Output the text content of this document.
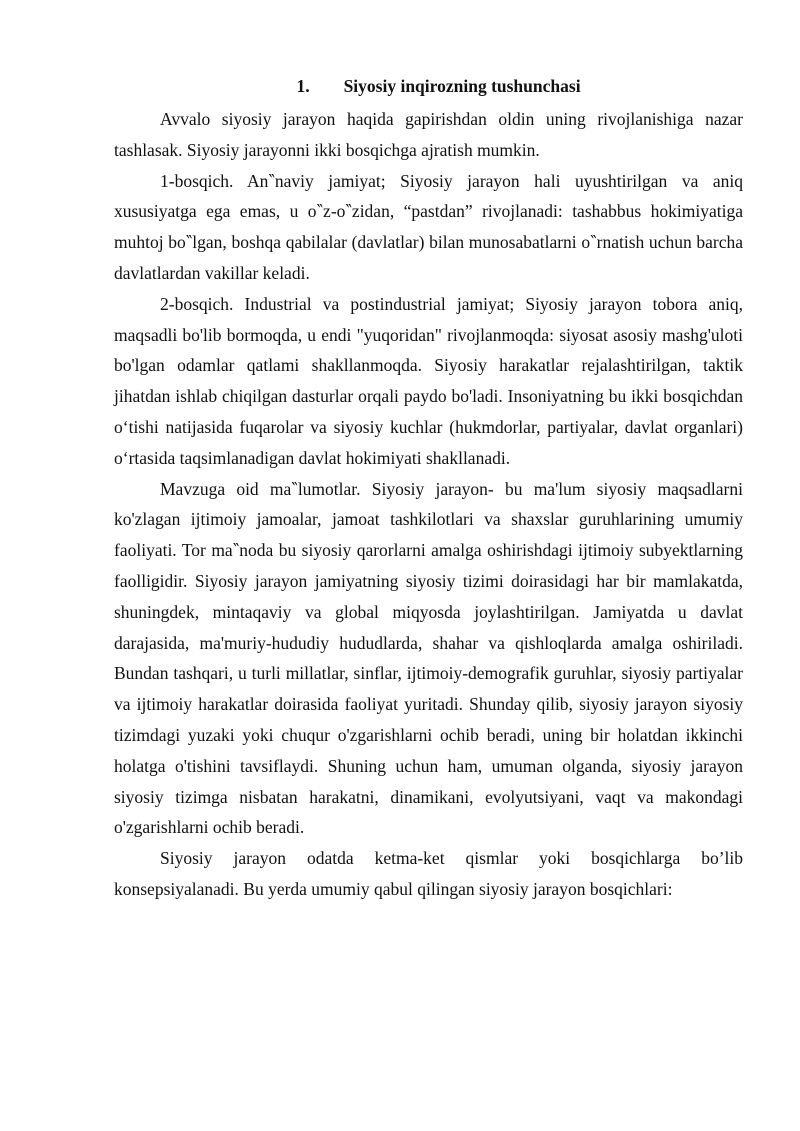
1. Siyosiy inqirozning tushunchasi

Avvalo siyosiy jarayon haqida gapirishdan oldin uning rivojlanishiga nazar tashlasak. Siyosiy jarayonni ikki bosqichga ajratish mumkin.

1-bosqich. An‶naviy jamiyat; Siyosiy jarayon hali uyushtirilgan va aniq xususiyatga ega emas, u o‶z-o‶zidan, “pastdan” rivojlanadi: tashabbus hokimiyatiga muhtoj bo‶lgan, boshqa qabilalar (davlatlar) bilan munosabatlarni o‶rnatish uchun barcha davlatlardan vakillar keladi.

2-bosqich. Industrial va postindustrial jamiyat; Siyosiy jarayon tobora aniq, maqsadli bo'lib bormoqda, u endi "yuqoridan" rivojlanmoqda: siyosat asosiy mashg'uloti bo'lgan odamlar qatlami shakllanmoqda. Siyosiy harakatlar rejalashtirilgan, taktik jihatdan ishlab chiqilgan dasturlar orqali paydo bo'ladi. Insoniyatning bu ikki bosqichdan o‘tishi natijasida fuqarolar va siyosiy kuchlar (hukmdorlar, partiyalar, davlat organlari) o‘rtasida taqsimlanadigan davlat hokimiyati shakllanadi.

Mavzuga oid ma‶lumotlar. Siyosiy jarayon- bu ma'lum siyosiy maqsadlarni ko'zlagan ijtimoiy jamoalar, jamoat tashkilotlari va shaxslar guruhlarining umumiy faoliyati. Tor ma‶noda bu siyosiy qarorlarni amalga oshirishdagi ijtimoiy subyektlarning faolligidir. Siyosiy jarayon jamiyatning siyosiy tizimi doirasidagi har bir mamlakatda, shuningdek, mintaqaviy va global miqyosda joylashtirilgan. Jamiyatda u davlat darajasida, ma'muriy-hududiy hududlarda, shahar va qishloqlarda amalga oshiriladi. Bundan tashqari, u turli millatlar, sinflar, ijtimoiy-demografik guruhlar, siyosiy partiyalar va ijtimoiy harakatlar doirasida faoliyat yuritadi. Shunday qilib, siyosiy jarayon siyosiy tizimdagi yuzaki yoki chuqur o'zgarishlarni ochib beradi, uning bir holatdan ikkinchi holatga o'tishini tavsiflaydi. Shuning uchun ham, umuman olganda, siyosiy jarayon siyosiy tizimga nisbatan harakatni, dinamikani, evolyutsiyani, vaqt va makondagi o'zgarishlarni ochib beradi.

Siyosiy jarayon odatda ketma-ket qismlar yoki bosqichlarga bo’lib konsepsiyalanadi. Bu yerda umumiy qabul qilingan siyosiy jarayon bosqichlari:
